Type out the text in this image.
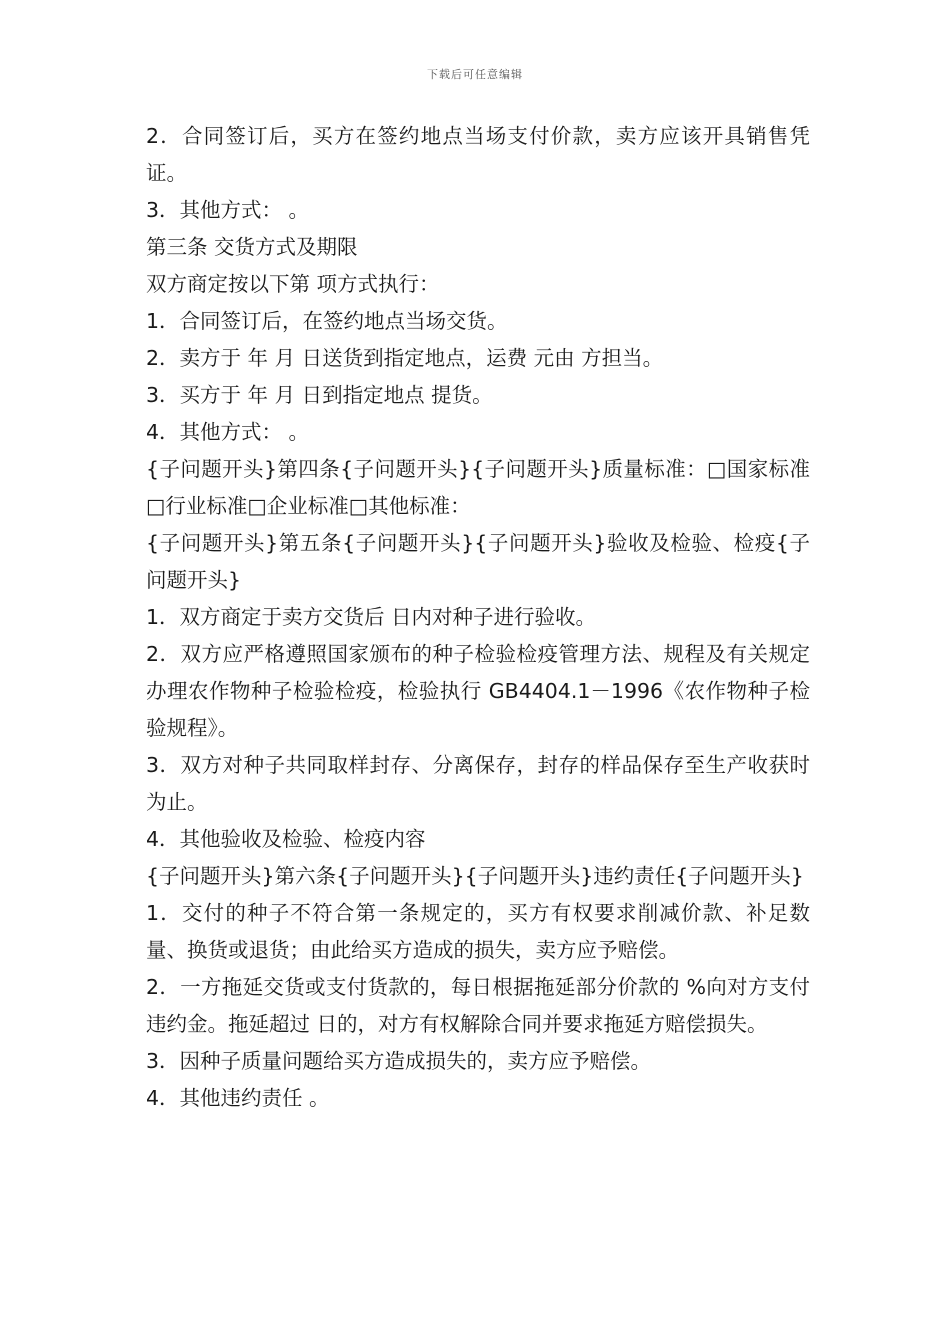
下载后可任意编辑

2．合同签订后，买方在签约地点当场支付价款，卖方应该开具销售凭证。

3．其他方式： 。

第三条 交货方式及期限

双方商定按以下第 项方式执行：

1．合同签订后，在签约地点当场交货。

2．卖方于 年 月 日送货到指定地点，运费 元由 方担当。

3．买方于 年 月 日到指定地点 提货。

4．其他方式： 。

{子问题开头}第四条{子问题开头}{子问题开头}质量标准：□国家标准□行业标准□企业标准□其他标准：

{子问题开头}第五条{子问题开头}{子问题开头}验收及检验、检疫{子问题开头}

1．双方商定于卖方交货后 日内对种子进行验收。

2．双方应严格遵照国家颁布的种子检验检疫管理方法、规程及有关规定办理农作物种子检验检疫，检验执行 GB4404.1－1996《农作物种子检验规程》。

3．双方对种子共同取样封存、分离保存，封存的样品保存至生产收获时为止。

4．其他验收及检验、检疫内容

{子问题开头}第六条{子问题开头}{子问题开头}违约责任{子问题开头}

1．交付的种子不符合第一条规定的，买方有权要求削减价款、补足数量、换货或退货；由此给买方造成的损失，卖方应予赔偿。

2．一方拖延交货或支付货款的，每日根据拖延部分价款的 %向对方支付违约金。拖延超过 日的，对方有权解除合同并要求拖延方赔偿损失。

3．因种子质量问题给买方造成损失的，卖方应予赔偿。

4．其他违约责任 。
